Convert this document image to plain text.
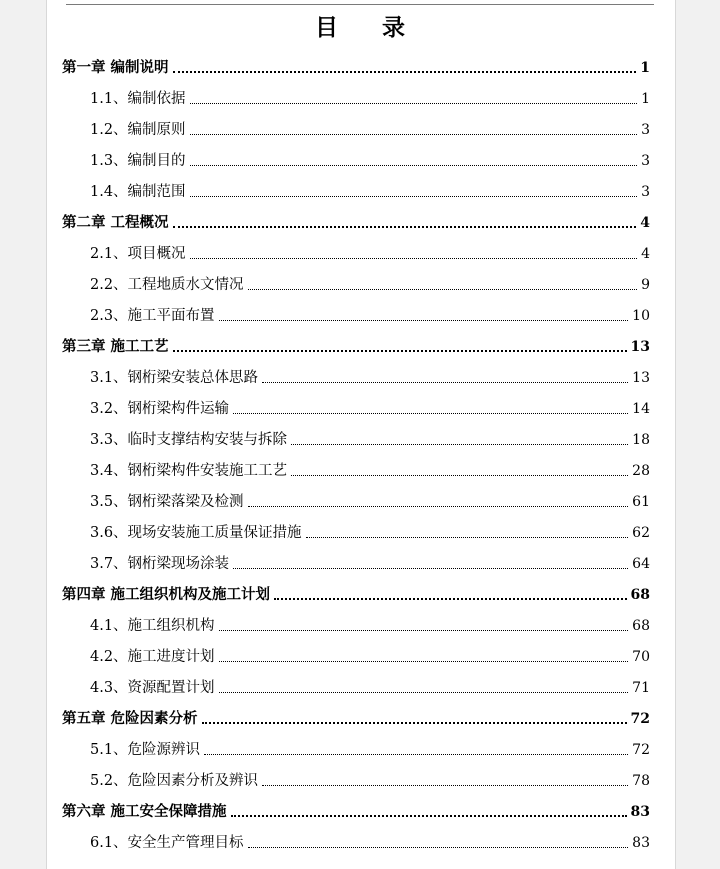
目 录
第一章 编制说明	1
1.1、编制依据	1
1.2、编制原则	3
1.3、编制目的	3
1.4、编制范围	3
第二章 工程概况	4
2.1、项目概况	4
2.2、工程地质水文情况	9
2.3、施工平面布置	10
第三章 施工工艺	13
3.1、钢桁梁安装总体思路	13
3.2、钢桁梁构件运输	14
3.3、临时支撑结构安装与拆除	18
3.4、钢桁梁构件安装施工工艺	28
3.5、钢桁梁落梁及检测	61
3.6、现场安装施工质量保证措施	62
3.7、钢桁梁现场涂装	64
第四章 施工组织机构及施工计划	68
4.1、施工组织机构	68
4.2、施工进度计划	70
4.3、资源配置计划	71
第五章 危险因素分析	72
5.1、危险源辨识	72
5.2、危险因素分析及辨识	78
第六章 施工安全保障措施	83
6.1、安全生产管理目标	83
